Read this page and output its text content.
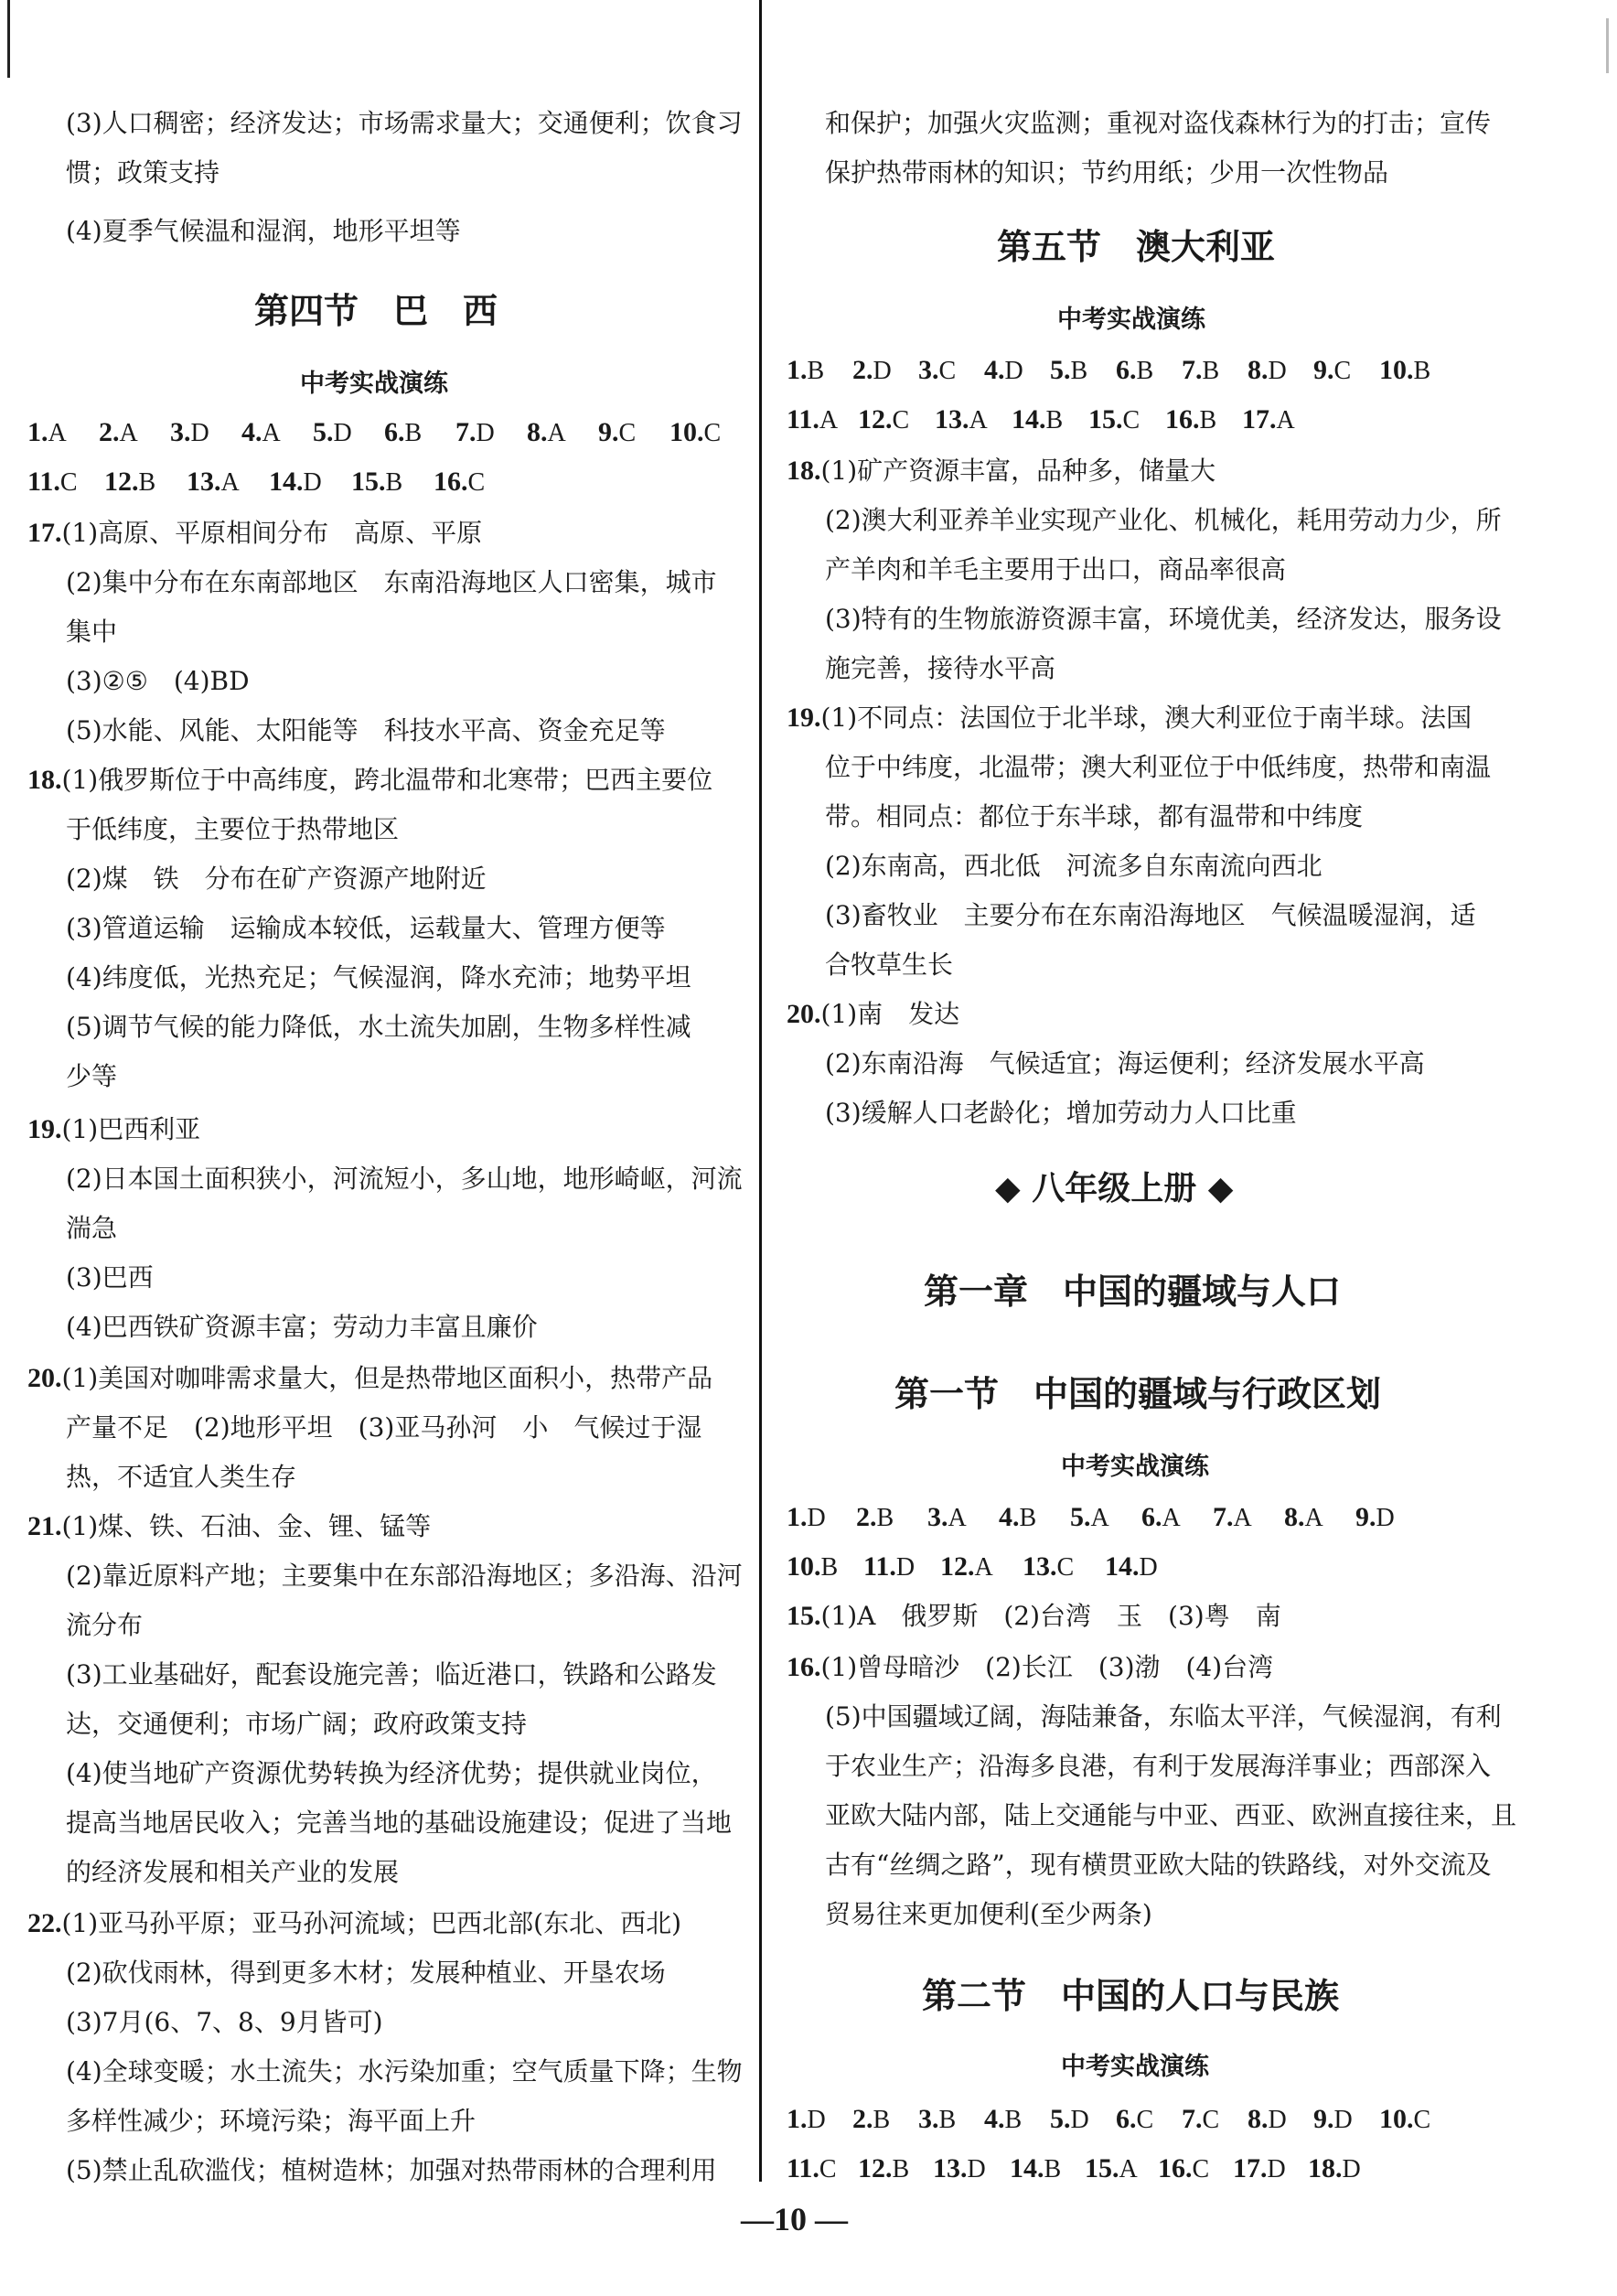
(3)人口稠密；经济发达；市场需求量大；交通便利；饮食习
惯；政策支持
(4)夏季气候温和湿润，地形平坦等
第四节　巴　西
中考实战演练
1.A 2.A 3.D 4.A 5.D 6.B 7.D 8.A 9.C 10.C
11.C 12.B 13.A 14.D 15.B 16.C
17.(1)高原、平原相间分布　高原、平原
(2)集中分布在东南部地区　东南沿海地区人口密集，城市
集中
(3)②⑤　(4)BD
(5)水能、风能、太阳能等　科技水平高、资金充足等
18.(1)俄罗斯位于中高纬度，跨北温带和北寒带；巴西主要位
于低纬度，主要位于热带地区
(2)煤　铁　分布在矿产资源产地附近
(3)管道运输　运输成本较低，运载量大、管理方便等
(4)纬度低，光热充足；气候湿润，降水充沛；地势平坦
(5)调节气候的能力降低，水土流失加剧，生物多样性减
少等
19.(1)巴西利亚
(2)日本国土面积狭小，河流短小，多山地，地形崎岖，河流
湍急
(3)巴西
(4)巴西铁矿资源丰富；劳动力丰富且廉价
20.(1)美国对咖啡需求量大，但是热带地区面积小，热带产品
产量不足　(2)地形平坦　(3)亚马孙河　小　气候过于湿
热，不适宜人类生存
21.(1)煤、铁、石油、金、锂、锰等
(2)靠近原料产地；主要集中在东部沿海地区；多沿海、沿河
流分布
(3)工业基础好，配套设施完善；临近港口，铁路和公路发
达，交通便利；市场广阔；政府政策支持
(4)使当地矿产资源优势转换为经济优势；提供就业岗位，
提高当地居民收入；完善当地的基础设施建设；促进了当地
的经济发展和相关产业的发展
22.(1)亚马孙平原；亚马孙河流域；巴西北部(东北、西北)
(2)砍伐雨林，得到更多木材；发展种植业、开垦农场
(3)7月(6、7、8、9月皆可)
(4)全球变暖；水土流失；水污染加重；空气质量下降；生物
多样性减少；环境污染；海平面上升
(5)禁止乱砍滥伐；植树造林；加强对热带雨林的合理利用
和保护；加强火灾监测；重视对盗伐森林行为的打击；宣传
保护热带雨林的知识；节约用纸；少用一次性物品
第五节　澳大利亚
中考实战演练
1.B 2.D 3.C 4.D 5.B 6.B 7.B 8.D 9.C 10.B
11.A 12.C 13.A 14.B 15.C 16.B 17.A
18.(1)矿产资源丰富，品种多，储量大
(2)澳大利亚养羊业实现产业化、机械化，耗用劳动力少，所
产羊肉和羊毛主要用于出口，商品率很高
(3)特有的生物旅游资源丰富，环境优美，经济发达，服务设
施完善，接待水平高
19.(1)不同点：法国位于北半球，澳大利亚位于南半球。法国
位于中纬度，北温带；澳大利亚位于中低纬度，热带和南温
带。相同点：都位于东半球，都有温带和中纬度
(2)东南高，西北低　河流多自东南流向西北
(3)畜牧业　主要分布在东南沿海地区　气候温暖湿润，适
合牧草生长
20.(1)南　发达
(2)东南沿海　气候适宜；海运便利；经济发展水平高
(3)缓解人口老龄化；增加劳动力人口比重
◆ 八年级上册 ◆
第一章　中国的疆域与人口
第一节　中国的疆域与行政区划
中考实战演练
1.D 2.B 3.A 4.B 5.A 6.A 7.A 8.A 9.D
10.B 11.D 12.A 13.C 14.D
15.(1)A　俄罗斯　(2)台湾　玉　(3)粤　南
16.(1)曾母暗沙　(2)长江　(3)渤　(4)台湾
(5)中国疆域辽阔，海陆兼备，东临太平洋，气候湿润，有利
于农业生产；沿海多良港，有利于发展海洋事业；西部深入
亚欧大陆内部，陆上交通能与中亚、西亚、欧洲直接往来，且
古有“丝绸之路”，现有横贯亚欧大陆的铁路线，对外交流及
贸易往来更加便利(至少两条)
第二节　中国的人口与民族
中考实战演练
1.D 2.B 3.B 4.B 5.D 6.C 7.C 8.D 9.D 10.C
11.C 12.B 13.D 14.B 15.A 16.C 17.D 18.D
—10 —
